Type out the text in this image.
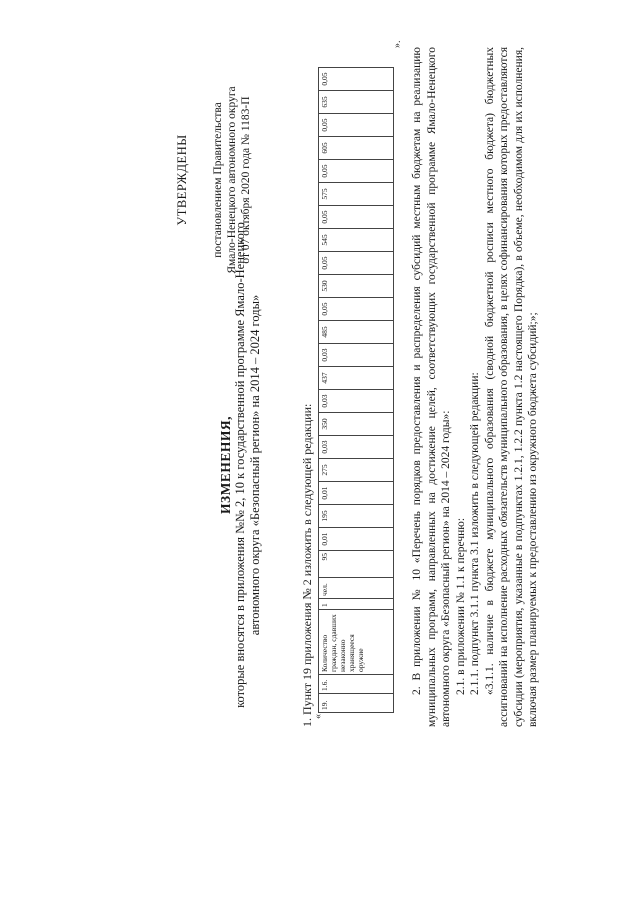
УТВЕРЖДЕНЫ постановлением Правительства Ямало-Ненецкого автономного округа от 07 октября 2020 года № 1183-П
ИЗМЕНЕНИЯ, которые вносятся в приложения №№ 2, 10 к государственной программе Ямало-Ненецкого автономного округа «Безопасный регион» на 2014 – 2024 годы»	1. Пункт 19 приложения № 2 изложить в следующей редакции: «
19.	1.6.	Количество граждан, сдавших незаконно хранящееся оружие	1	чел.	95	0,01	195	0,01	275	0,03	350	0,03	437	0,03	485	0,05	530	0,05	545	0,05	575	0,05	605	0,05	635	0,05
».

2. В приложении № 10 «Перечень порядков предоставления и распределения субсидий местным бюджетам на реализацию муниципальных программ, направленных на достижение целей, соответствующих государственной программе Ямало-Ненецкого автономного округа «Безопасный регион» на 2014 – 2024 годы»: 2.1. в приложении № 1.1 к перечню: 2.1.1. подпункт 3.1.1 пункта 3.1 изложить в следующей редакции: «3.1.1. наличие в бюджете муниципального образования (сводной бюджетной росписи местного бюджета) бюджетных ассигнований на исполнение расходных обязательств муниципального образования, в целях софинансирования которых предоставляются субсидии (мероприятия, указанные в подпунктах 1.2.1, 1.2.2 пункта 1.2 настоящего Порядка), в объеме, необходимом для их исполнения, включая размер планируемых к предоставлению из окружного бюджета субсидий;»;
